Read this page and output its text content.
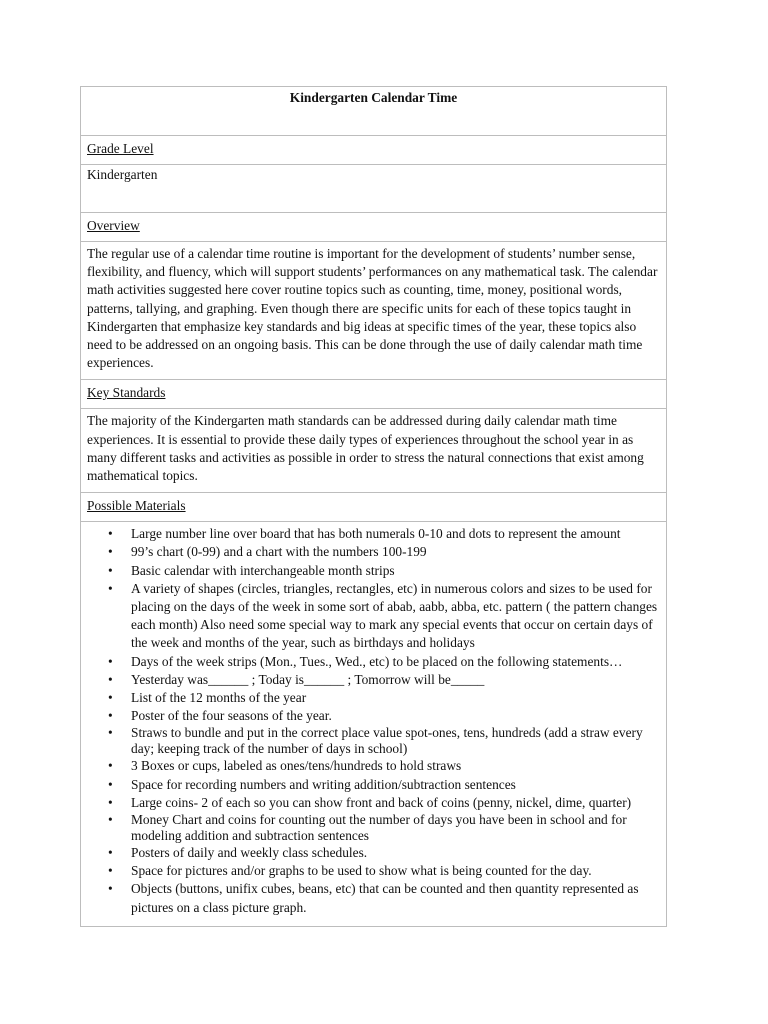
Kindergarten Calendar Time

Grade Level

Kindergarten

Overview

The regular use of a calendar time routine is important for the development of students’ number sense, flexibility, and fluency, which will support students’ performances on any mathematical task. The calendar math activities suggested here cover routine topics such as counting, time, money, positional words, patterns, tallying, and graphing. Even though there are specific units for each of these topics taught in Kindergarten that emphasize key standards and big ideas at specific times of the year, these topics also need to be addressed on an ongoing basis. This can be done through the use of daily calendar math time experiences.

Key Standards

The majority of the Kindergarten math standards can be addressed during daily calendar math time experiences. It is essential to provide these daily types of experiences throughout the school year in as many different tasks and activities as possible in order to stress the natural connections that exist among mathematical topics.

Possible Materials

• Large number line over board that has both numerals 0-10 and dots to represent the amount
• 99’s chart (0-99) and a chart with the numbers 100-199
• Basic calendar with interchangeable month strips
• A variety of shapes (circles, triangles, rectangles, etc) in numerous colors and sizes to be used for placing on the days of the week in some sort of abab, aabb, abba, etc. pattern ( the pattern changes each month) Also need some special way to mark any special events that occur on certain days of the week and months of the year, such as birthdays and holidays
• Days of the week strips (Mon., Tues., Wed., etc) to be placed on the following statements…
• Yesterday was______ ; Today is______ ; Tomorrow will be_____
• List of the 12 months of the year
• Poster of the four seasons of the year.
• Straws to bundle and put in the correct place value spot-ones, tens, hundreds (add a straw every day; keeping track of the number of days in school)
• 3 Boxes or cups, labeled as ones/tens/hundreds to hold straws
• Space for recording numbers and writing addition/subtraction sentences
• Large coins- 2 of each so you can show front and back of coins (penny, nickel, dime, quarter)
• Money Chart and coins for counting out the number of days you have been in school and for modeling addition and subtraction sentences
• Posters of daily and weekly class schedules.
• Space for pictures and/or graphs to be used to show what is being counted for the day.
• Objects (buttons, unifix cubes, beans, etc) that can be counted and then quantity represented as pictures on a class picture graph.
